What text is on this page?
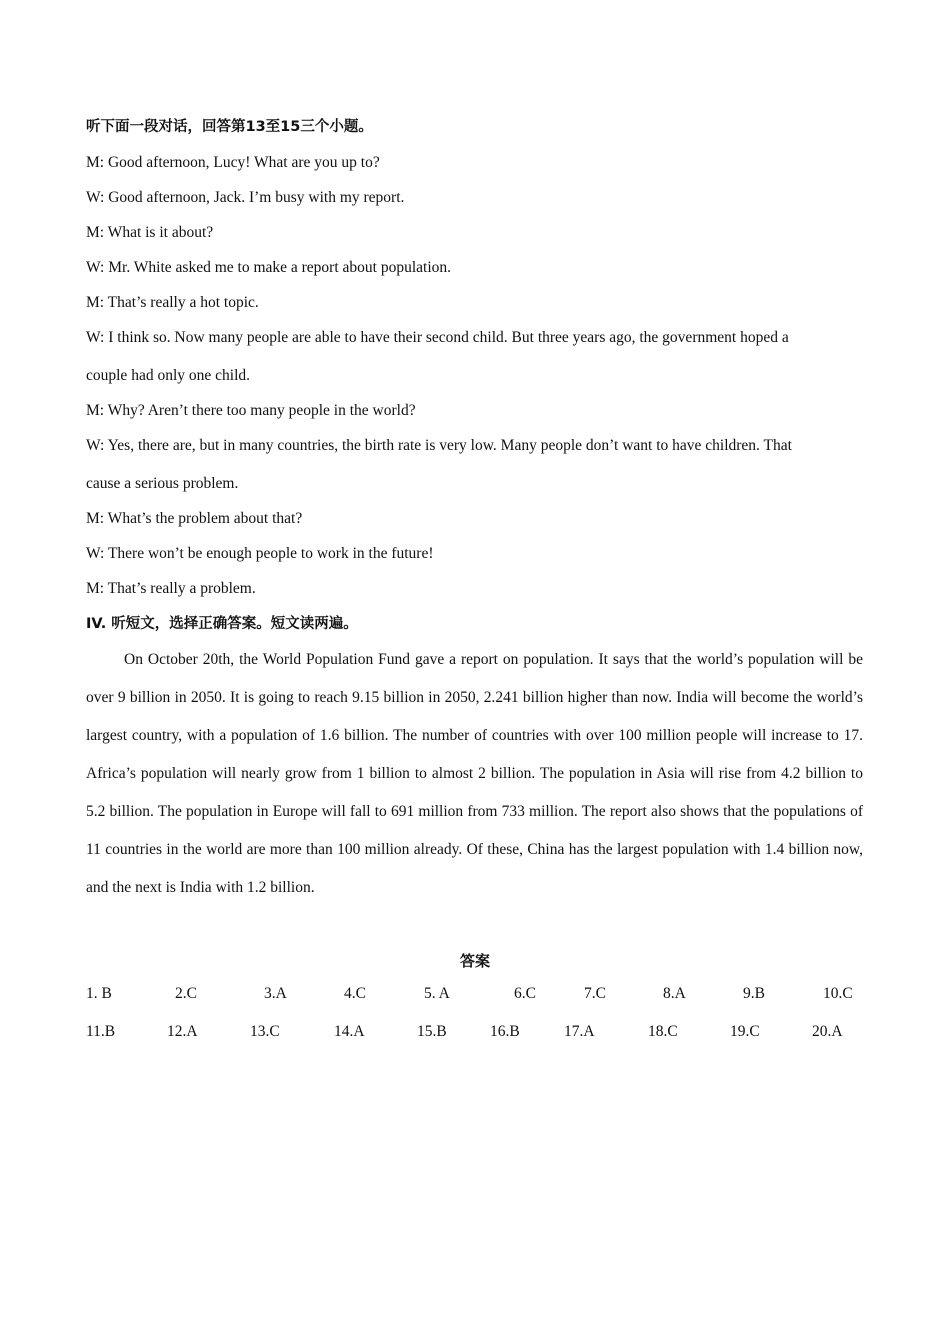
听下面一段对话，回答第13至15三个小题。
M: Good afternoon, Lucy! What are you up to?
W: Good afternoon, Jack. I’m busy with my report.
M: What is it about?
W: Mr. White asked me to make a report about population.
M: That’s really a hot topic.
W: I think so. Now many people are able to have their second child. But three years ago, the government hoped a
couple had only one child.
M: Why? Aren’t there too many people in the world?
W: Yes, there are, but in many countries, the birth rate is very low. Many people don’t want to have children. That
cause a serious problem.
M: What’s the problem about that?
W: There won’t be enough people to work in the future!
M: That’s really a problem.
IV. 听短文，选择正确答案。短文读两遍。
On October 20th, the World Population Fund gave a report on population. It says that the world’s population will be over 9 billion in 2050. It is going to reach 9.15 billion in 2050, 2.241 billion higher than now. India will become the world’s largest country, with a population of 1.6 billion. The number of countries with over 100 million people will increase to 17. Africa’s population will nearly grow from 1 billion to almost 2 billion. The population in Asia will rise from 4.2 billion to 5.2 billion. The population in Europe will fall to 691 million from 733 million. The report also shows that the populations of 11 countries in the world are more than 100 million already. Of these, China has the largest population with 1.4 billion now, and the next is India with 1.2 billion.
答案
1. B	2.C	3.A	4.C	5. A	6.C	7.C	8.A	9.B	10.C
11.B	12.A	13.C	14.A	15.B	16.B	17.A	18.C	19.C	20.A
